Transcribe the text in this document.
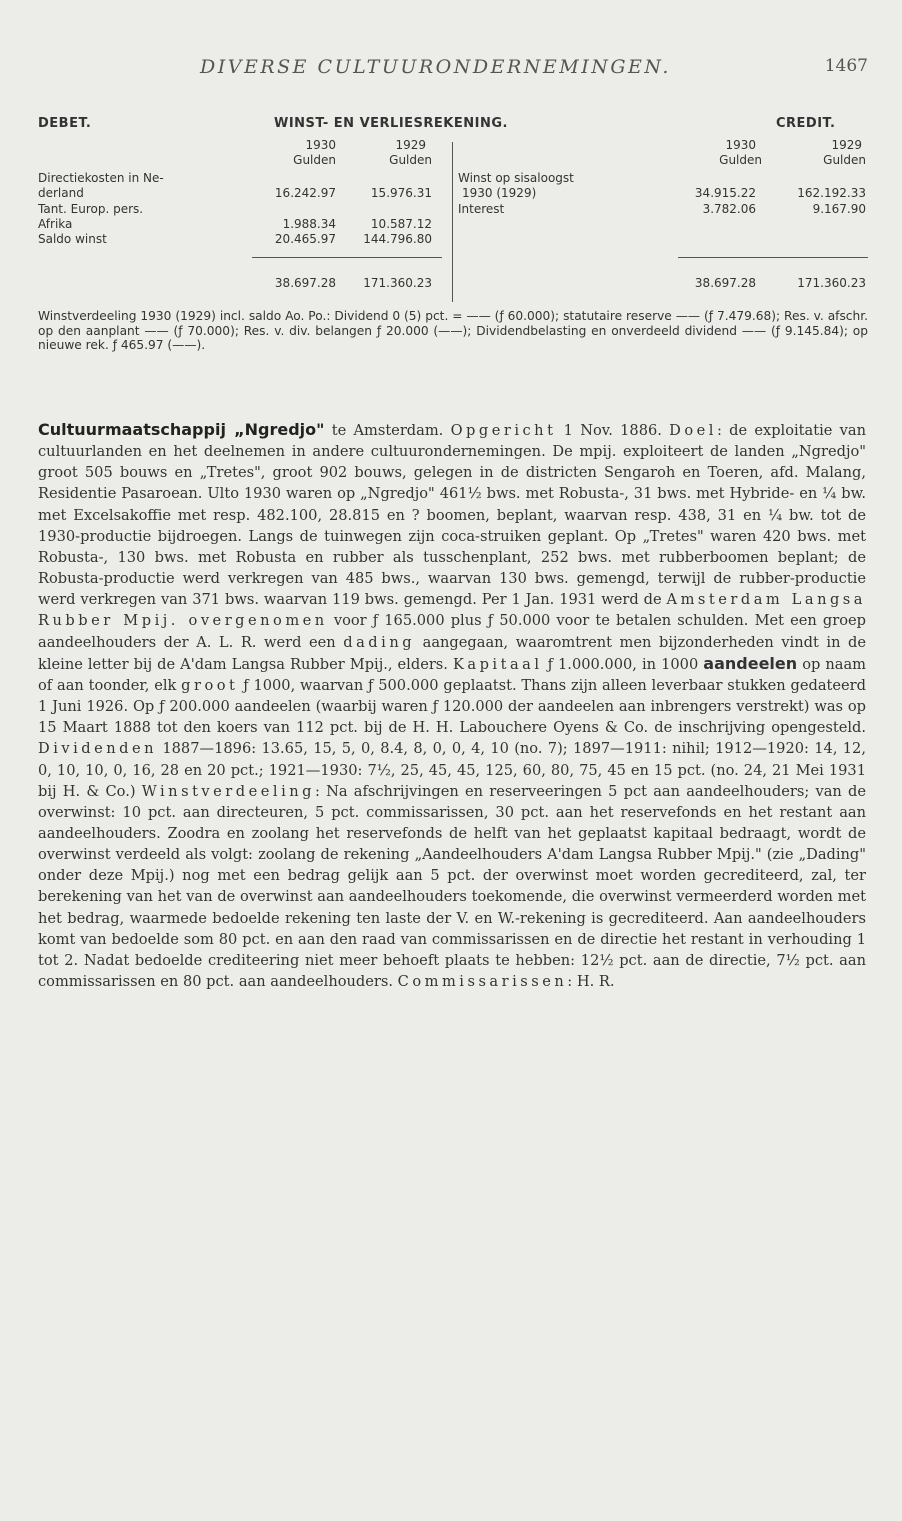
DIVERSE CULTUURONDERNEMINGEN.	1467
DEBET.	WINST- EN VERLIESREKENING.	CREDIT.
1930	1929
Gulden	Gulden
1930	1929
Gulden	Gulden
Directiekosten in Ne-
derland	16.242.97	15.976.31
Tant. Europ. pers.
Afrika	1.988.34	10.587.12
Saldo winst	20.465.97	144.796.80
38.697.28	171.360.23
Winst op sisaloogst
1930 (1929)	34.915.22	162.192.33
Interest	3.782.06	9.167.90
38.697.28	171.360.23

Winstverdeeling 1930 (1929) incl. saldo Ao. Po.: Dividend 0 (5) pct. = —— (ƒ 60.000); statutaire reserve —— (ƒ 7.479.68); Res. v. afschr. op den aanplant —— (ƒ 70.000); Res. v. div. belangen ƒ 20.000 (——); Dividendbelasting en onverdeeld dividend —— (ƒ 9.145.84); op nieuwe rek. ƒ 465.97 (——).

Cultuurmaatschappij „Ngredjo" te Amsterdam. Opgericht 1 Nov. 1886. Doel: de exploitatie van cultuurlanden en het deelnemen in andere cultuurondernemingen. De mpij. exploiteert de landen „Ngredjo" groot 505 bouws en „Tretes", groot 902 bouws, gelegen in de districten Sengaroh en Toeren, afd. Malang, Residentie Pasaroean. Ulto 1930 waren op „Ngredjo" 461½ bws. met Robusta-, 31 bws. met Hybride- en ¼ bw. met Excelsakoffie met resp. 482.100, 28.815 en ? boomen, beplant, waarvan resp. 438, 31 en ¼ bw. tot de 1930-productie bijdroegen. Langs de tuinwegen zijn coca-struiken geplant. Op „Tretes" waren 420 bws. met Robusta-, 130 bws. met Robusta en rubber als tusschenplant, 252 bws. met rubberboomen beplant; de Robusta-productie werd verkregen van 485 bws., waarvan 130 bws. gemengd, terwijl de rubber-productie werd verkregen van 371 bws. waarvan 119 bws. gemengd. Per 1 Jan. 1931 werd de Amsterdam Langsa Rubber Mpij. overgenomen voor ƒ 165.000 plus ƒ 50.000 voor te betalen schulden. Met een groep aandeelhouders der A. L. R. werd een dading aangegaan, waaromtrent men bijzonderheden vindt in de kleine letter bij de A'dam Langsa Rubber Mpij., elders. Kapitaal ƒ 1.000.000, in 1000 aandeelen op naam of aan toonder, elk groot ƒ 1000, waarvan ƒ 500.000 geplaatst. Thans zijn alleen leverbaar stukken gedateerd 1 Juni 1926. Op ƒ 200.000 aandeelen (waarbij waren ƒ 120.000 der aandeelen aan inbrengers verstrekt) was op 15 Maart 1888 tot den koers van 112 pct. bij de H. H. Labouchere Oyens & Co. de inschrijving opengesteld. Dividenden 1887—1896: 13.65, 15, 5, 0, 8.4, 8, 0, 0, 4, 10 (no. 7); 1897—1911: nihil; 1912—1920: 14, 12, 0, 10, 10, 0, 16, 28 en 20 pct.; 1921—1930: 7½, 25, 45, 45, 125, 60, 80, 75, 45 en 15 pct. (no. 24, 21 Mei 1931 bij H. & Co.) Winstverdeeling: Na afschrijvingen en reserveeringen 5 pct aan aandeelhouders; van de overwinst: 10 pct. aan directeuren, 5 pct. commissarissen, 30 pct. aan het reservefonds en het restant aan aandeelhouders. Zoodra en zoolang het reservefonds de helft van het geplaatst kapitaal bedraagt, wordt de overwinst verdeeld als volgt: zoolang de rekening „Aandeelhouders A'dam Langsa Rubber Mpij." (zie „Dading" onder deze Mpij.) nog met een bedrag gelijk aan 5 pct. der overwinst moet worden gecrediteerd, zal, ter berekening van het van de overwinst aan aandeelhouders toekomende, die overwinst vermeerderd worden met het bedrag, waarmede bedoelde rekening ten laste der V. en W.-rekening is gecrediteerd. Aan aandeelhouders komt van bedoelde som 80 pct. en aan den raad van commissarissen en de directie het restant in verhouding 1 tot 2. Nadat bedoelde crediteering niet meer behoeft plaats te hebben: 12½ pct. aan de directie, 7½ pct. aan commissarissen en 80 pct. aan aandeelhouders. Commissarissen: H. R.
